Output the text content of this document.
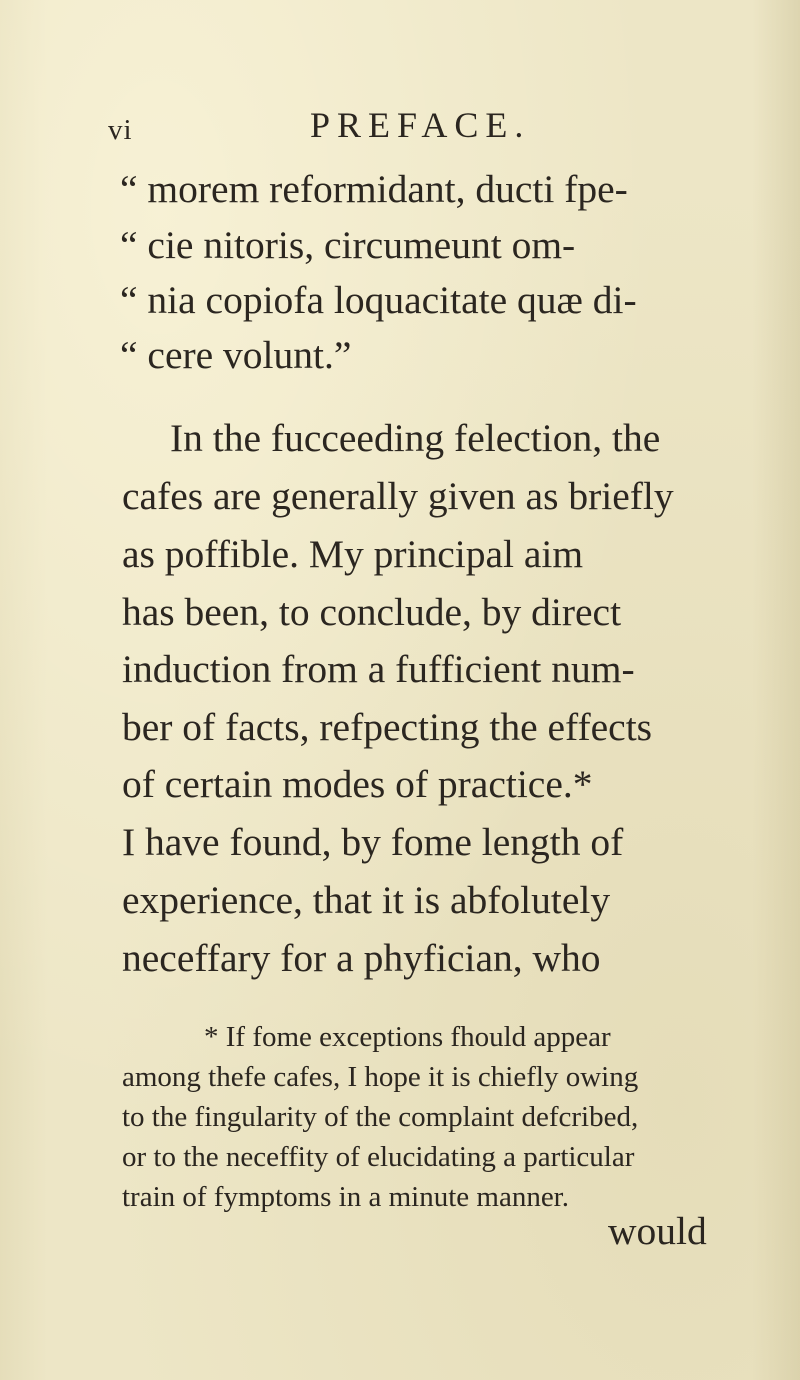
vi	PREFACE.
“ morem reformidant, ducti fpe-
“ cie nitoris, circumeunt om-
“ nia copiofa loquacitate quæ di-
“ cere volunt.”
In the fucceeding felection, the
cafes are generally given as briefly
as poffible. My principal aim
has been, to conclude, by direct
induction from a fufficient num-
ber of facts, refpecting the effects
of certain modes of practice.*
I have found, by fome length of
experience, that it is abfolutely
neceffary for a phyfician, who
* If fome exceptions fhould appear
among thefe cafes, I hope it is chiefly owing
to the fingularity of the complaint defcribed,
or to the neceffity of elucidating a particular
train of fymptoms in a minute manner.
would
